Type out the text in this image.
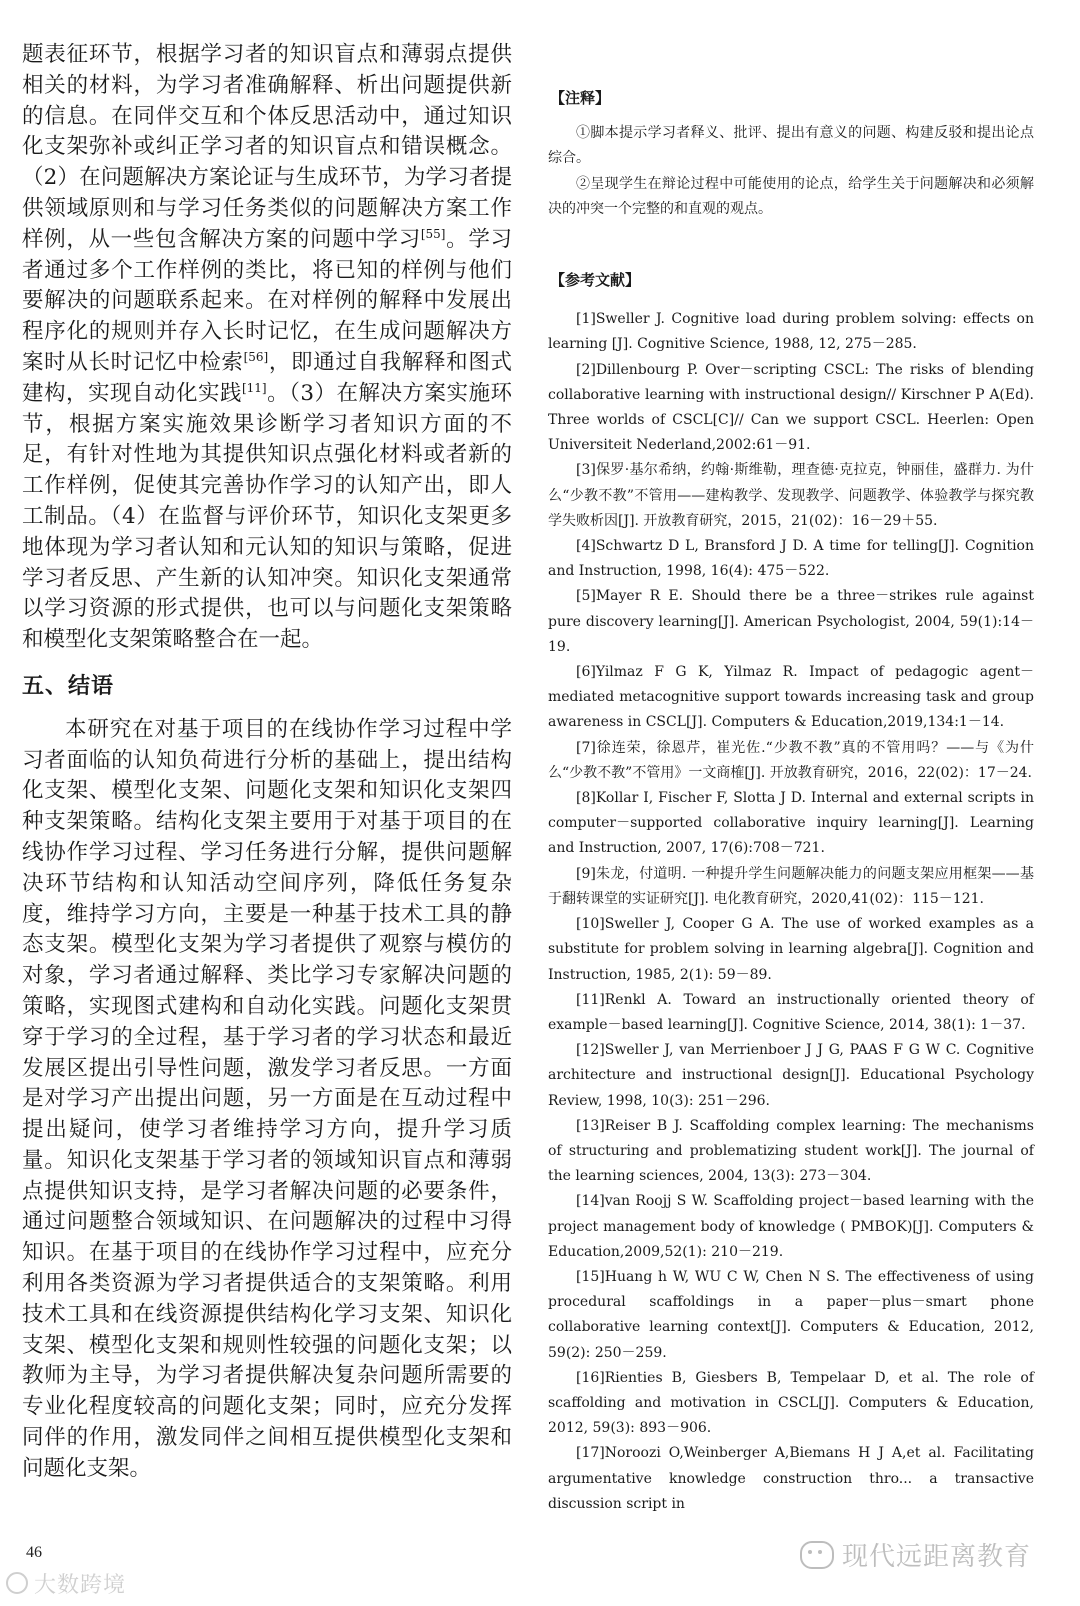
题表征环节，根据学习者的知识盲点和薄弱点提供相关的材料，为学习者准确解释、析出问题提供新的信息。在同伴交互和个体反思活动中，通过知识化支架弥补或纠正学习者的知识盲点和错误概念。（2）在问题解决方案论证与生成环节，为学习者提供领域原则和与学习任务类似的问题解决方案工作样例，从一些包含解决方案的问题中学习[55]。学习者通过多个工作样例的类比，将已知的样例与他们要解决的问题联系起来。在对样例的解释中发展出程序化的规则并存入长时记忆，在生成问题解决方案时从长时记忆中检索[56]，即通过自我解释和图式建构，实现自动化实践[11]。（3）在解决方案实施环节，根据方案实施效果诊断学习者知识方面的不足，有针对性地为其提供知识点强化材料或者新的工作样例，促使其完善协作学习的认知产出，即人工制品。（4）在监督与评价环节，知识化支架更多地体现为学习者认知和元认知的知识与策略，促进学习者反思、产生新的认知冲突。知识化支架通常以学习资源的形式提供，也可以与问题化支架策略和模型化支架策略整合在一起。

五、结语

本研究在对基于项目的在线协作学习过程中学习者面临的认知负荷进行分析的基础上，提出结构化支架、模型化支架、问题化支架和知识化支架四种支架策略。结构化支架主要用于对基于项目的在线协作学习过程、学习任务进行分解，提供问题解决环节结构和认知活动空间序列，降低任务复杂度，维持学习方向，主要是一种基于技术工具的静态支架。模型化支架为学习者提供了观察与模仿的对象，学习者通过解释、类比学习专家解决问题的策略，实现图式建构和自动化实践。问题化支架贯穿于学习的全过程，基于学习者的学习状态和最近发展区提出引导性问题，激发学习者反思。一方面是对学习产出提出问题，另一方面是在互动过程中提出疑问，使学习者维持学习方向，提升学习质量。知识化支架基于学习者的领域知识盲点和薄弱点提供知识支持，是学习者解决问题的必要条件，通过问题整合领域知识、在问题解决的过程中习得知识。在基于项目的在线协作学习过程中，应充分利用各类资源为学习者提供适合的支架策略。利用技术工具和在线资源提供结构化学习支架、知识化支架、模型化支架和规则性较强的问题化支架；以教师为主导，为学习者提供解决复杂问题所需要的专业化程度较高的问题化支架；同时，应充分发挥同伴的作用，激发同伴之间相互提供模型化支架和问题化支架。

【注释】

①脚本提示学习者释义、批评、提出有意义的问题、构建反驳和提出论点综合。

②呈现学生在辩论过程中可能使用的论点，给学生关于问题解决和必须解决的冲突一个完整的和直观的观点。

【参考文献】

[1]Sweller J. Cognitive load during problem solving: effects on learning [J]. Cognitive Science, 1988, 12, 275－285.

[2]Dillenbourg P. Over－scripting CSCL: The risks of blending collaborative learning with instructional design// Kirschner P A(Ed). Three worlds of CSCL[C]// Can we support CSCL. Heerlen: Open Universiteit Nederland,2002:61－91.

[3]保罗·基尔希纳，约翰·斯维勒，理查德·克拉克，钟丽佳，盛群力. 为什么“少教不教”不管用——建构教学、发现教学、问题教学、体验教学与探究教学失败析因[J]. 开放教育研究，2015，21(02)：16－29＋55.

[4]Schwartz D L, Bransford J D. A time for telling[J]. Cognition and Instruction, 1998, 16(4): 475－522.

[5]Mayer R E. Should there be a three－strikes rule against pure discovery learning[J]. American Psychologist, 2004, 59(1):14－19.

[6]Yilmaz F G K, Yilmaz R. Impact of pedagogic agent－mediated metacognitive support towards increasing task and group awareness in CSCL[J]. Computers & Education,2019,134:1－14.

[7]徐连荣，徐恩芹，崔光佐.“少教不教”真的不管用吗？——与《为什么“少教不教”不管用》一文商榷[J]. 开放教育研究，2016，22(02)：17－24.

[8]Kollar I, Fischer F, Slotta J D. Internal and external scripts in computer－supported collaborative inquiry learning[J]. Learning and Instruction, 2007, 17(6):708－721.

[9]朱龙，付道明. 一种提升学生问题解决能力的问题支架应用框架——基于翻转课堂的实证研究[J]. 电化教育研究，2020,41(02)：115－121.

[10]Sweller J, Cooper G A. The use of worked examples as a substitute for problem solving in learning algebra[J]. Cognition and Instruction, 1985, 2(1): 59－89.

[11]Renkl A. Toward an instructionally oriented theory of example－based learning[J]. Cognitive Science, 2014, 38(1): 1－37.

[12]Sweller J, van Merrienboer J J G, PAAS F G W C. Cognitive architecture and instructional design[J]. Educational Psychology Review, 1998, 10(3): 251－296.

[13]Reiser B J. Scaffolding complex learning: The mechanisms of structuring and problematizing student work[J]. The journal of the learning sciences, 2004, 13(3): 273－304.

[14]van Roojj S W. Scaffolding project－based learning with the project management body of knowledge ( PMBOK)[J]. Computers & Education,2009,52(1): 210－219.

[15]Huang h W, WU C W, Chen N S. The effectiveness of using procedural scaffoldings in a paper－plus－smart phone collaborative learning context[J]. Computers & Education, 2012, 59(2): 250－259.

[16]Rienties B, Giesbers B, Tempelaar D, et al. The role of scaffolding and motivation in CSCL[J]. Computers & Education, 2012, 59(3): 893－906.

[17]Noroozi O,Weinberger A,Biemans H J A,et al. Facilitating argumentative knowledge construction thro... a transactive discussion script in

46
大数跨境
现代远距离教育
